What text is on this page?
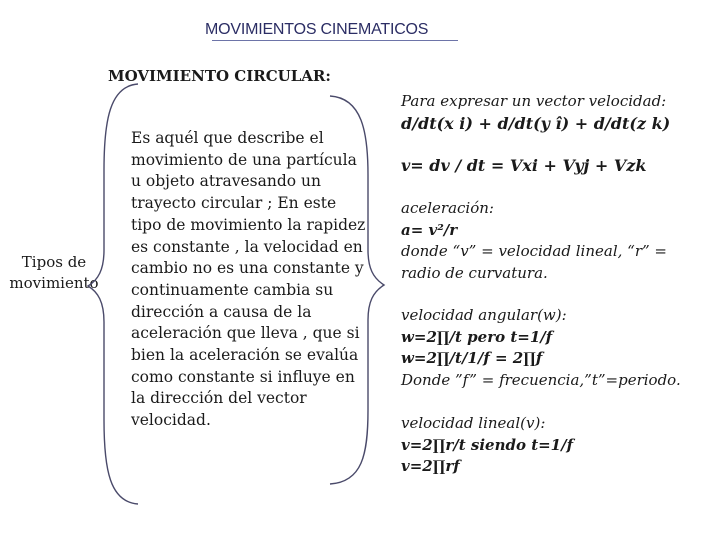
MOVIMIENTOS CINEMATICOS
MOVIMIENTO CIRCULAR:
Tipos de
movimiento

Es aquél que describe el movimiento de una partícula u objeto atravesando un trayecto circular ; En este tipo de movimiento la rapidez es constante , la velocidad en cambio no es una constante y continuamente cambia su dirección a causa de la aceleración que lleva , que si bien la aceleración se evalúa como constante si influye en la dirección del vector velocidad.

Para expresar un vector velocidad:
d/dt(x i) + d/dt(y î) + d/dt(z k)
v= dv / dt = Vxi + Vyj + Vzk
aceleración:
a= v²/r
donde “v” = velocidad lineal, “r” =
radio de curvatura.
velocidad angular(w):
w=2∏/t pero t=1/f
w=2∏/t/1/f = 2∏f
Donde ”f” = frecuencia,”t”=periodo.
velocidad lineal(v):
v=2∏r/t siendo t=1/f
v=2∏rf
